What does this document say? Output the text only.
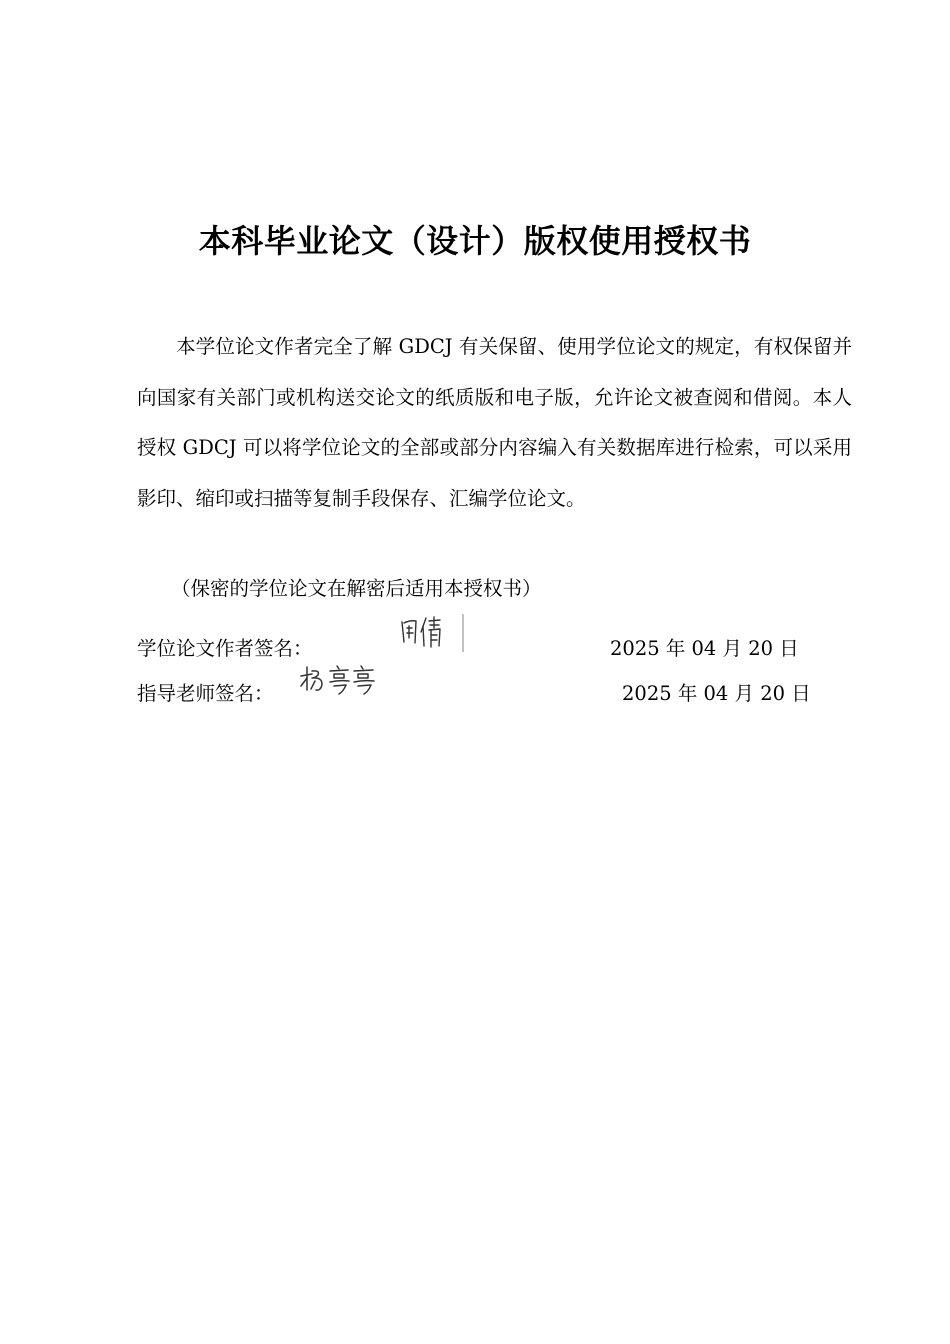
本科毕业论文（设计）版权使用授权书

本学位论文作者完全了解 GDCJ 有关保留、使用学位论文的规定，有权保留并向国家有关部门或机构送交论文的纸质版和电子版，允许论文被查阅和借阅。本人授权 GDCJ 可以将学位论文的全部或部分内容编入有关数据库进行检索，可以采用影印、缩印或扫描等复制手段保存、汇编学位论文。

（保密的学位论文在解密后适用本授权书）

学位论文作者签名：	2025 年 04 月 20 日
指导老师签名：	2025 年 04 月 20 日
